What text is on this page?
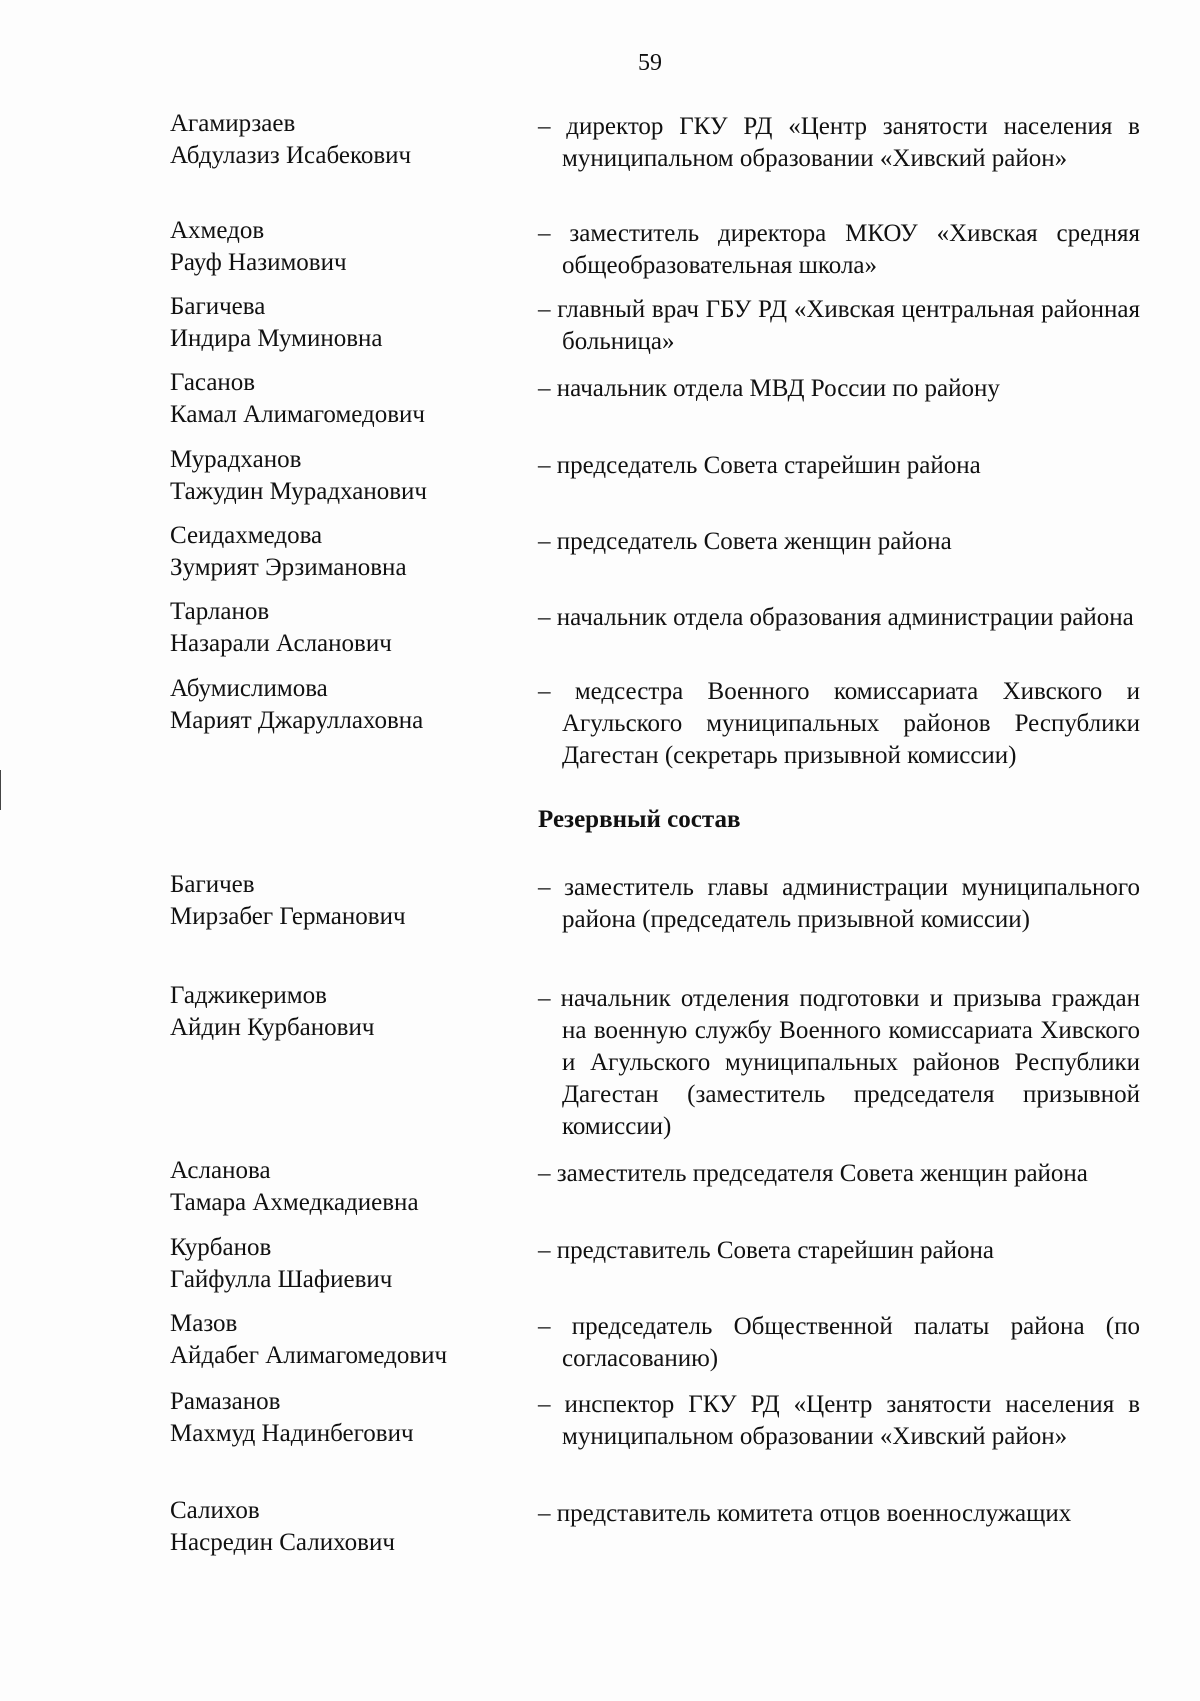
59
Агамирзаев
Абдулазиз Исабекович
– директор ГКУ РД «Центр занятости населения в муниципальном образовании «Хивский район»
Ахмедов
Рауф Назимович
– заместитель директора МКОУ «Хивская средняя общеобразовательная школа»
Багичева
Индира Муминовна
– главный врач ГБУ РД «Хивская центральная районная больница»
Гасанов
Камал Алимагомедович
– начальник отдела МВД России по району
Мурадханов
Тажудин Мурадханович
– председатель Совета старейшин района
Сеидахмедова
Зумрият Эрзимановна
– председатель Совета женщин района
Тарланов
Назарали Асланович
– начальник отдела образования администрации района
Абумислимова
Марият Джаруллаховна
– медсестра Военного комиссариата Хивского и Агульского муниципальных районов Республики Дагестан (секретарь призывной комиссии)
Резервный состав
Багичев
Мирзабег Германович
– заместитель главы администрации муниципального района (председатель призывной комиссии)
Гаджикеримов
Айдин Курбанович
– начальник отделения подготовки и призыва граждан на военную службу Военного комиссариата Хивского и Агульского муниципальных районов Республики Дагестан (заместитель председателя призывной комиссии)
Асланова
Тамара Ахмедкадиевна
– заместитель председателя Совета женщин района
Курбанов
Гайфулла Шафиевич
– представитель Совета старейшин района
Мазов
Айдабег Алимагомедович
– председатель Общественной палаты района (по согласованию)
Рамазанов
Махмуд Надинбегович
– инспектор ГКУ РД «Центр занятости населения в муниципальном образовании «Хивский район»
Салихов
Насредин Салихович
– представитель комитета отцов военнослужащих
